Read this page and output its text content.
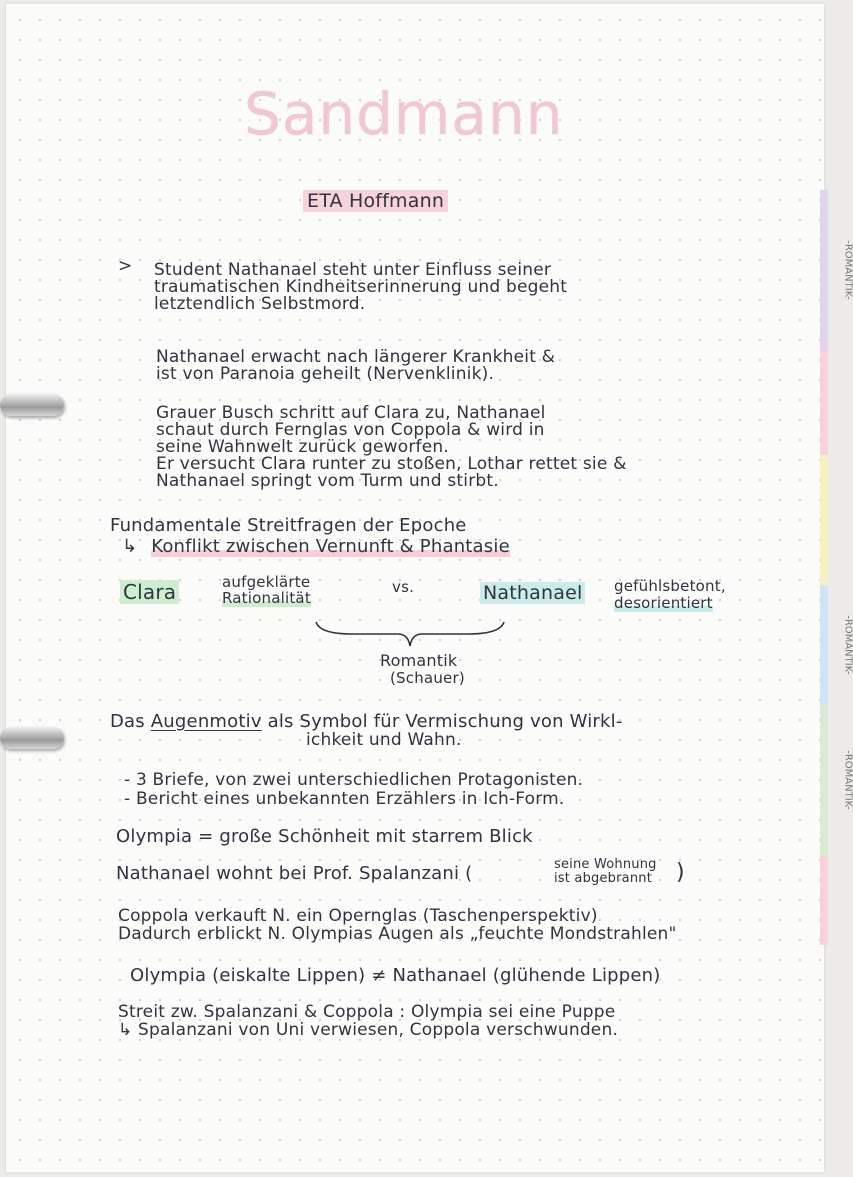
Sandmann
ETA Hoffmann
> Student Nathanael steht unter Einfluss seiner
traumatischen Kindheitserinnerung und begeht
letztendlich Selbstmord.
Nathanael erwacht nach längerer Krankheit &
ist von Paranoia geheilt (Nervenklinik).
Grauer Busch schritt auf Clara zu, Nathanael
schaut durch Fernglas von Coppola & wird in
seine Wahnwelt zurück geworfen.
Er versucht Clara runter zu stoßen, Lothar rettet sie &
Nathanael springt vom Turm und stirbt.
Fundamentale Streitfragen der Epoche
↳ Konflikt zwischen Vernunft & Phantasie
Clara	aufgeklärte
Rationalität
vs.	Nathanael gefühlsbetont,
desorientiert
Romantik
(Schauer)
Das Augenmotiv als Symbol für Vermischung von Wirkl-
ichkeit und Wahn.
- 3 Briefe, von zwei unterschiedlichen Protagonisten.
- Bericht eines unbekannten Erzählers in Ich-Form.
Olympia = große Schönheit mit starrem Blick
Nathanael wohnt bei Prof. Spalanzani (	seine Wohnung
ist abgebrannt )
Coppola verkauft N. ein Opernglas (Taschenperspektiv)
Dadurch erblickt N. Olympias Augen als „feuchte Mondstrahlen"
Olympia (eiskalte Lippen) ≠ Nathanael (glühende Lippen)
Streit zw. Spalanzani & Coppola : Olympia sei eine Puppe
↳ Spalanzani von Uni verwiesen, Coppola verschwunden.
-ROMANTIK-
-ROMANTIK-
-ROMANTIK-
